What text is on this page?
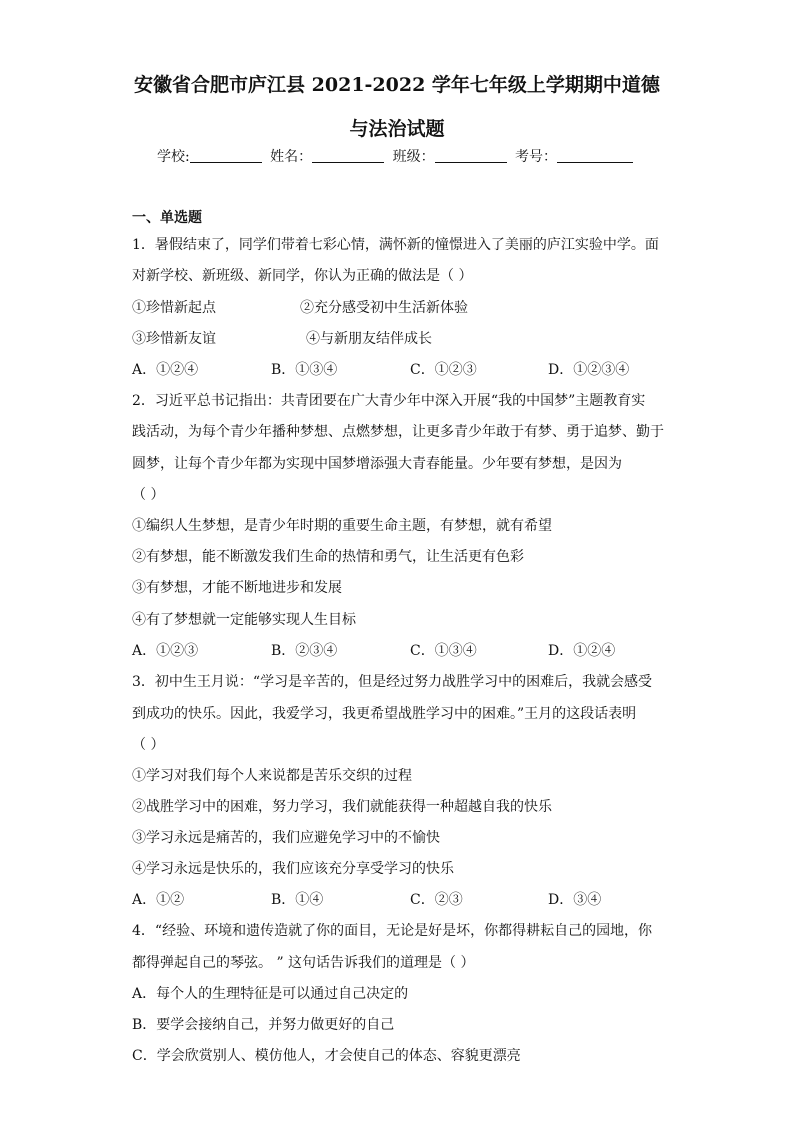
安徽省合肥市庐江县 2021-2022 学年七年级上学期期中道德
与法治试题
学校:	姓名：	班级：	考号：
一、单选题
1．暑假结束了，同学们带着七彩心情，满怀新的憧憬进入了美丽的庐江实验中学。面
对新学校、新班级、新同学，你认为正确的做法是（ ）
①珍惜新起点	②充分感受初中生活新体验
③珍惜新友谊	④与新朋友结伴成长
A．①②④	B．①③④	C．①②③	D．①②③④
2．习近平总书记指出：共青团要在广大青少年中深入开展“我的中国梦”主题教育实
践活动，为每个青少年播种梦想、点燃梦想，让更多青少年敢于有梦、勇于追梦、勤于
圆梦，让每个青少年都为实现中国梦增添强大青春能量。少年要有梦想，是因为
（ ）
①编织人生梦想，是青少年时期的重要生命主题，有梦想，就有希望
②有梦想，能不断激发我们生命的热情和勇气，让生活更有色彩
③有梦想，才能不断地进步和发展
④有了梦想就一定能够实现人生目标
A．①②③	B．②③④	C．①③④	D．①②④
3．初中生王月说：“学习是辛苦的，但是经过努力战胜学习中的困难后，我就会感受
到成功的快乐。因此，我爱学习，我更希望战胜学习中的困难。”王月的这段话表明
（ ）
①学习对我们每个人来说都是苦乐交织的过程
②战胜学习中的困难，努力学习，我们就能获得一种超越自我的快乐
③学习永远是痛苦的，我们应避免学习中的不愉快
④学习永远是快乐的，我们应该充分享受学习的快乐
A．①②	B．①④	C．②③	D．③④
4．“经验、环境和遗传造就了你的面目，无论是好是坏，你都得耕耘自己的园地，你
都得弹起自己的琴弦。 ” 这句话告诉我们的道理是（ ）
A．每个人的生理特征是可以通过自己决定的
B．要学会接纳自己，并努力做更好的自己
C．学会欣赏别人、模仿他人，才会使自己的体态、容貌更漂亮
